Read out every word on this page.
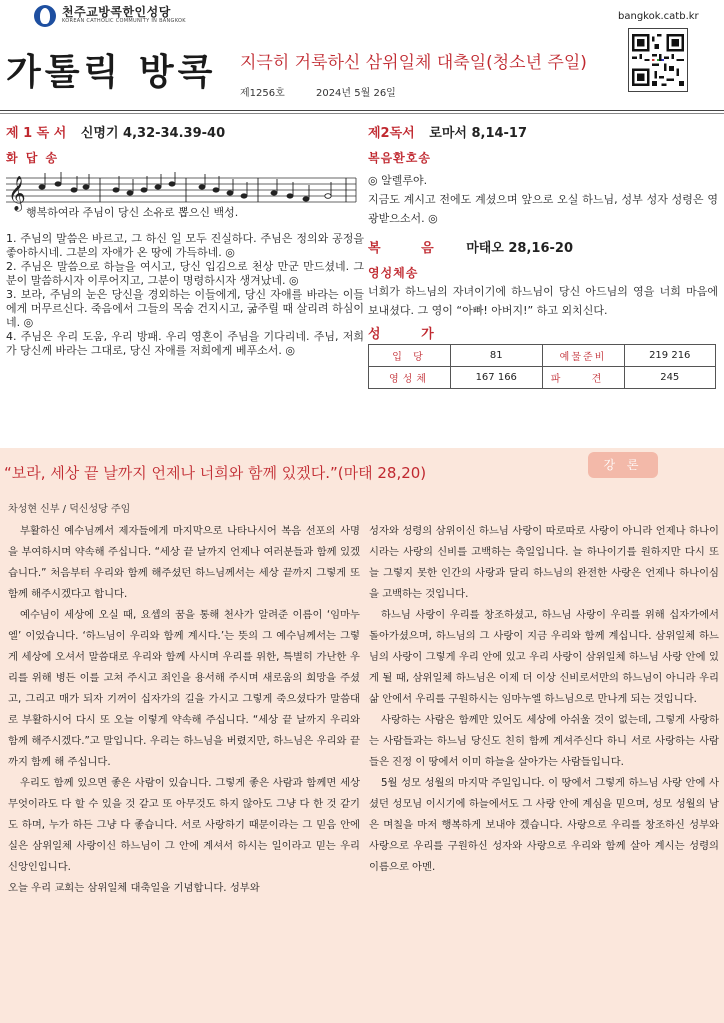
천주교방콕한인성당
KOREAN CATHOLIC COMMUNITY IN BANGKOK	bangkok.catb.kr
가톨릭 방콕 지극히 거룩하신 삼위일체 대축일(청소년 주일)
제1256호	2024년 5월 26일
제 1 독 서 신명기 4,32-34.39-40
화 답 송
𝄞
행복하여라 주님이 당신 소유로 뽑으신 백성.
1. 주님의 말씀은 바르고, 그 하신 일 모두 진실하다. 주님은 정의와 공정을 좋아하시네. 그분의 자애가 온 땅에 가득하네. ◎
2. 주님은 말씀으로 하늘을 여시고, 당신 입김으로 천상 만군 만드셨네. 그분이 말씀하시자 이루어지고, 그분이 명령하시자 생겨났네. ◎
3. 보라, 주님의 눈은 당신을 경외하는 이들에게, 당신 자애를 바라는 이들에게 머무르신다. 죽음에서 그들의 목숨 건지시고, 굶주릴 때 살리려 하심이네. ◎
4. 주님은 우리 도움, 우리 방패. 우리 영혼이 주님을 기다리네. 주님, 저희가 당신께 바라는 그대로, 당신 자애를 저희에게 베푸소서. ◎
제2독서 로마서 8,14-17
복음환호송
◎ 알렐루야.
지금도 계시고 전에도 계셨으며 앞으로 오실 하느님, 성부 성자 성령은 영광받으소서. ◎
복 음 마태오 28,16-20
영성체송
너희가 하느님의 자녀이기에 하느님이 당신 아드님의 영을 너희 마음에 보내셨다. 그 영이 “아빠! 아버지!” 하고 외치신다.
성 가
입 당	81	예물준비	219 216
영성체	167 166	파 견	245
“보라, 세상 끝 날까지 언제나 너희와 함께 있겠다.”(마태 28,20)	강 론
차성현 신부 / 덕신성당 주임

부활하신 예수님께서 제자들에게 마지막으로 나타나시어 복음 선포의 사명을 부여하시며 약속해 주십니다. “세상 끝 날까지 언제나 여러분들과 함께 있겠습니다.” 처음부터 우리와 함께 해주셨던 하느님께서는 세상 끝까지 그렇게 또 함께 해주시겠다고 합니다.

예수님이 세상에 오실 때, 요셉의 꿈을 통해 천사가 알려준 이름이 ‘임마누엘’ 이었습니다. ‘하느님이 우리와 함께 계시다.’는 뜻의 그 예수님께서는 그렇게 세상에 오셔서 말씀대로 우리와 함께 사시며 우리를 위한, 특별히 가난한 우리를 위해 병든 이를 고쳐 주시고 죄인을 용서해 주시며 새로움의 희망을 주셨고, 그리고 매가 되자 기꺼이 십자가의 길을 가시고 그렇게 죽으셨다가 말씀대로 부활하시어 다시 또 오늘 이렇게 약속해 주십니다. “세상 끝 날까지 우리와 함께 해주시겠다.”고 말입니다. 우리는 하느님을 버렸지만, 하느님은 우리와 끝까지 함께 해 주십니다.

우리도 함께 있으면 좋은 사람이 있습니다. 그렇게 좋은 사람과 함께면 세상 무엇이라도 다 할 수 있을 것 같고 또 아무것도 하지 않아도 그냥 다 한 것 같기도 하며, 누가 하든 그냥 다 좋습니다. 서로 사랑하기 때문이라는 그 믿음 안에 실은 삼위일체 사랑이신 하느님이 그 안에 계셔서 하시는 일이라고 믿는 우리 신앙인입니다.

오늘 우리 교회는 삼위일체 대축일을 기념합니다. 성부와

성자와 성령의 삼위이신 하느님 사랑이 따로따로 사랑이 아니라 언제나 하나이시라는 사랑의 신비를 고백하는 축일입니다. 늘 하나이기를 원하지만 다시 또 늘 그렇지 못한 인간의 사랑과 달리 하느님의 완전한 사랑은 언제나 하나이심을 고백하는 것입니다.

하느님 사랑이 우리를 창조하셨고, 하느님 사랑이 우리를 위해 십자가에서 돌아가셨으며, 하느님의 그 사랑이 지금 우리와 함께 계십니다. 삼위일체 하느님의 사랑이 그렇게 우리 안에 있고 우리 사랑이 삼위일체 하느님 사랑 안에 있게 될 때, 삼위일체 하느님은 이제 더 이상 신비로서만의 하느님이 아니라 우리 삶 안에서 우리를 구원하시는 임마누엘 하느님으로 만나게 되는 것입니다.

사랑하는 사람은 함께만 있어도 세상에 아쉬울 것이 없는데, 그렇게 사랑하는 사람들과는 하느님 당신도 친히 함께 계셔주신다 하니 서로 사랑하는 사람들은 진정 이 땅에서 이미 하늘을 살아가는 사람들입니다.

5월 성모 성월의 마지막 주일입니다. 이 땅에서 그렇게 하느님 사랑 안에 사셨던 성모님 이시기에 하늘에서도 그 사랑 안에 계심을 믿으며, 성모 성월의 남은 며칠을 마저 행복하게 보내야 겠습니다. 사랑으로 우리를 창조하신 성부와 사랑으로 우리를 구원하신 성자와 사랑으로 우리와 함께 살아 계시는 성령의 이름으로 아멘.
